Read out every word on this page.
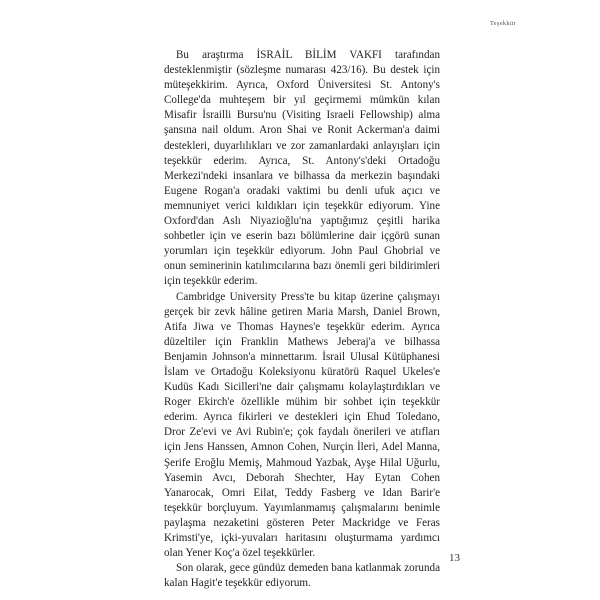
Teşekkür

Bu araştırma İSRAİL BİLİM VAKFI tarafından desteklenmiştir (sözleşme numarası 423/16). Bu destek için müteşekkirim. Ayrıca, Oxford Üniversitesi St. Antony's College'da muhteşem bir yıl geçirmemi mümkün kılan Misafir İsrailli Bursu'nu (Visiting Israeli Fellowship) alma şansına nail oldum. Aron Shai ve Ronit Ackerman'a daimi destekleri, duyarlılıkları ve zor zamanlardaki anlayışları için teşekkür ederim. Ayrıca, St. Antony's'deki Ortadoğu Merkezi'ndeki insanlara ve bilhassa da merkezin başındaki Eugene Rogan'a oradaki vaktimi bu denli ufuk açıcı ve memnuniyet verici kıldıkları için teşekkür ediyorum. Yine Oxford'dan Aslı Niyazioğlu'na yaptığımız çeşitli harika sohbetler için ve eserin bazı bölümlerine dair içgörü sunan yorumları için teşekkür ediyorum. John Paul Ghobrial ve onun seminerinin katılımcılarına bazı önemli geri bildirimleri için teşekkür ederim.

Cambridge University Press'te bu kitap üzerine çalışmayı gerçek bir zevk hâline getiren Maria Marsh, Daniel Brown, Atifa Jiwa ve Thomas Haynes'e teşekkür ederim. Ayrıca düzeltiler için Franklin Mathews Jeberaj'a ve bilhassa Benjamin Johnson'a minnettarım. İsrail Ulusal Kütüphanesi İslam ve Ortadoğu Koleksiyonu küratörü Raquel Ukeles'e Kudüs Kadı Sicilleri'ne dair çalışmamı kolaylaştırdıkları ve Roger Ekirch'e özellikle mühim bir sohbet için teşekkür ederim. Ayrıca fikirleri ve destekleri için Ehud Toledano, Dror Ze'evi ve Avi Rubin'e; çok faydalı önerileri ve atıfları için Jens Hanssen, Amnon Cohen, Nurçin İleri, Adel Manna, Şerife Eroğlu Memiş, Mahmoud Yazbak, Ayşe Hilal Uğurlu, Yasemin Avcı, Deborah Shechter, Hay Eytan Cohen Yanarocak, Omri Eilat, Teddy Fasberg ve Idan Barir'e teşekkür borçluyum. Yayımlanmamış çalışmalarını benimle paylaşma nezaketini gösteren Peter Mackridge ve Feras Krimsti'ye, içki-yuvaları haritasını oluşturmama yardımcı olan Yener Koç'a özel teşekkürler.

Son olarak, gece gündüz demeden bana katlanmak zorunda kalan Hagit'e teşekkür ediyorum.

13
